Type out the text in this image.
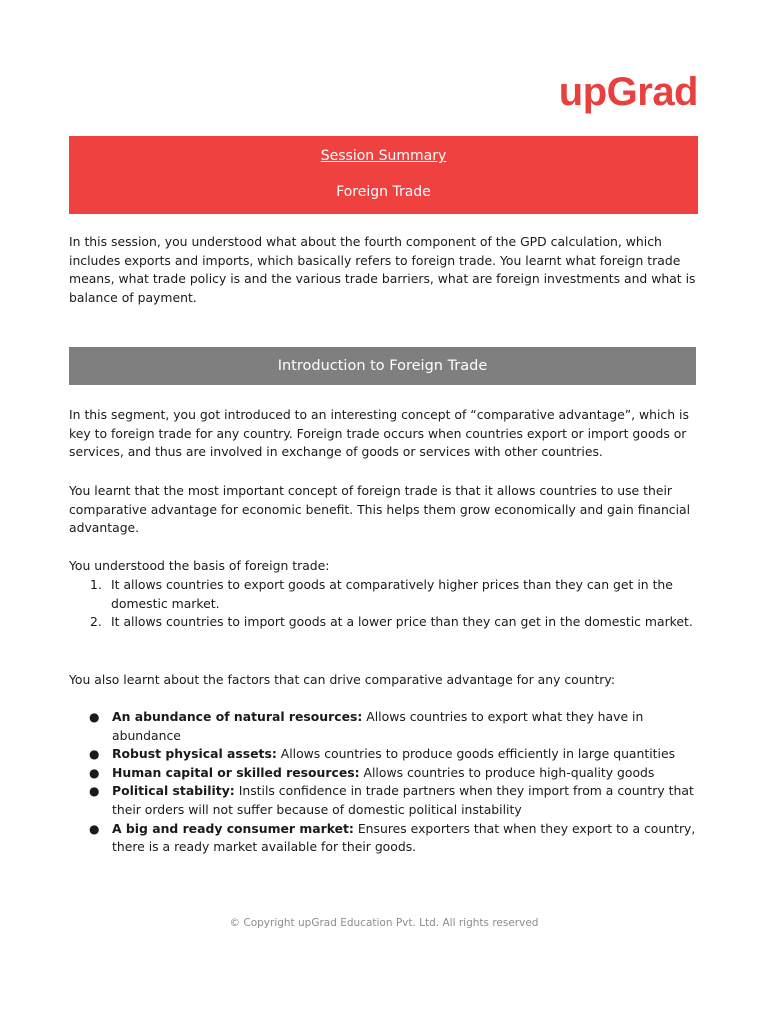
upGrad
Session Summary
Foreign Trade

In this session, you understood what about the fourth component of the GPD calculation, which includes exports and imports, which basically refers to foreign trade. You learnt what foreign trade means, what trade policy is and the various trade barriers, what are foreign investments and what is balance of payment.

Introduction to Foreign Trade

In this segment, you got introduced to an interesting concept of “comparative advantage”, which is key to foreign trade for any country. Foreign trade occurs when countries export or import goods or services, and thus are involved in exchange of goods or services with other countries.

You learnt that the most important concept of foreign trade is that it allows countries to use their comparative advantage for economic benefit. This helps them grow economically and gain financial advantage.

You understood the basis of foreign trade:

1. It allows countries to export goods at comparatively higher prices than they can get in the domestic market.
2. It allows countries to import goods at a lower price than they can get in the domestic market.

You also learnt about the factors that can drive comparative advantage for any country:

● An abundance of natural resources: Allows countries to export what they have in abundance
● Robust physical assets: Allows countries to produce goods efficiently in large quantities
● Human capital or skilled resources: Allows countries to produce high-quality goods
● Political stability: Instils confidence in trade partners when they import from a country that their orders will not suffer because of domestic political instability
● A big and ready consumer market: Ensures exporters that when they export to a country, there is a ready market available for their goods.
© Copyright upGrad Education Pvt. Ltd. All rights reserved
